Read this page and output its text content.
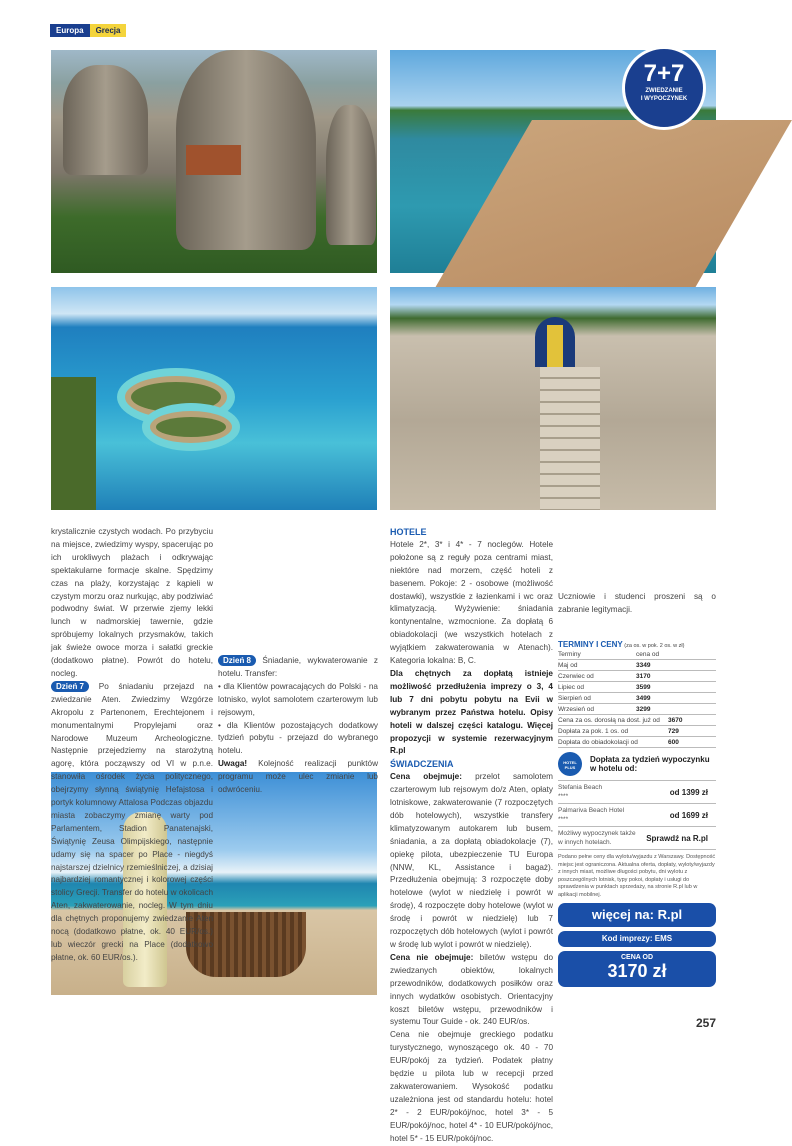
Europa	Grecja
7+7
ZWIEDZANIE
I WYPOCZYNEK

krystalicznie czystych wodach. Po przybyciu na miejsce, zwiedzimy wyspy, spacerując po ich urokliwych plażach i odkrywając spektakularne formacje skalne. Spędzimy czas na plaży, korzystając z kąpieli w czystym morzu oraz nurkując, aby podziwiać podwodny świat. W przerwie zjemy lekki lunch w nadmorskiej tawernie, gdzie spróbujemy lokalnych przysmaków, takich jak świeże owoce morza i sałatki greckie (dodatkowo płatne). Powrót do hotelu, nocleg.

Dzień 7 Po śniadaniu przejazd na zwiedzanie Aten. Zwiedzimy Wzgórze Akropolu z Partenonem, Erechtejonem i monumentalnymi Propylejami oraz Narodowe Muzeum Archeologiczne. Następnie przejedziemy na starożytną agorę, która począwszy od VI w p.n.e. stanowiła ośrodek życia politycznego, obejrzymy słynną świątynię Hefajstosa i portyk kolumnowy Attalosa Podczas objazdu miasta zobaczymy zmianę warty pod Parlamentem, Stadion Panatenajski, Świątynię Zeusa Olimpijskiego, następnie udamy się na spacer po Place - niegdyś najstarszej dzielnicy rzemieślniczej, a dzisiaj najbardziej romantycznej i kolorowej części stolicy Grecji. Transfer do hotelu w okolicach Aten, zakwaterowanie, nocleg. W tym dniu dla chętnych proponujemy zwiedzanie Aten nocą (dodatkowo płatne, ok. 40 EUR/os.) lub wieczór grecki na Place (dodatkowo płatne, ok. 60 EUR/os.).

Dzień 8 Śniadanie, wykwaterowanie z hotelu. Transfer:

• dla Klientów powracających do Polski - na lotnisko, wylot samolotem czarterowym lub rejsowym,

• dla Klientów pozostających dodatkowy tydzień pobytu - przejazd do wybranego hotelu.

Uwaga! Kolejność realizacji punktów programu może ulec zmianie lub odwróceniu.

HOTELE

Hotele 2*, 3* i 4* - 7 noclegów. Hotele położone są z reguły poza centrami miast, niektóre nad morzem, część hoteli z basenem. Pokoje: 2 - osobowe (możliwość dostawki), wszystkie z łazienkami i wc oraz klimatyzacją. Wyżywienie: śniadania kontynentalne, wzmocnione. Za dopłatą 6 obiadokolacji (we wszystkich hotelach z wyjątkiem zakwaterowania w Atenach). Kategoria lokalna: B, C.

Dla chętnych za dopłatą istnieje możliwość przedłużenia imprezy o 3, 4 lub 7 dni pobytu pobytu na Evii w wybranym przez Państwa hotelu. Opisy hoteli w dalszej części katalogu. Więcej propozycji w systemie rezerwacyjnym R.pl

ŚWIADCZENIA

Cena obejmuje: przelot samolotem czarterowym lub rejsowym do/z Aten, opłaty lotniskowe, zakwaterowanie (7 rozpoczętych dób hotelowych), wszystkie transfery klimatyzowanym autokarem lub busem, śniadania, a za dopłatą obiadokolacje (7), opiekę pilota, ubezpieczenie TU Europa (NNW, KL, Assistance i bagaż). Przedłużenia obejmują: 3 rozpoczęte doby hotelowe (wylot w niedzielę i powrót w środę), 4 rozpoczęte doby hotelowe (wylot w środę i powrót w niedzielę) lub 7 rozpoczętych dób hotelowych (wylot i powrót w środę lub wylot i powrót w niedzielę).

Cena nie obejmuje: biletów wstępu do zwiedzanych obiektów, lokalnych przewodników, dodatkowych posiłków oraz innych wydatków osobistych. Orientacyjny koszt biletów wstępu, przewodników i systemu Tour Guide - ok. 240 EUR/os.

Cena nie obejmuje greckiego podatku turystycznego, wynoszącego ok. 40 - 70 EUR/pokój za tydzień. Podatek płatny będzie u pilota lub w recepcji przed zakwaterowaniem. Wysokość podatku uzależniona jest od standardu hotelu: hotel 2* - 2 EUR/pokój/noc, hotel 3* - 5 EUR/pokój/noc, hotel 4* - 10 EUR/pokój/noc, hotel 5* - 15 EUR/pokój/noc.

Uczniowie i studenci proszeni są o zabranie legitymacji.

TERMINY I CENY (za os. w pok. 2 os. w zł)
Terminy	cena od
Maj od	3349
Czerwiec od	3170
Lipiec od	3599
Sierpień od	3499
Wrzesień od	3299
Cena za os. dorosłą na dost. już od	3670
Dopłata za pok. 1 os. od	729
Dopłata do obiadokolacji od	600
HOTEL PLUS
Dopłata za tydzień wypoczynku w hotelu od:
Stefania Beach
****	od 1399 zł
Palmariva Beach Hotel
****	od 1699 zł
Możliwy wypoczynek także w innych hotelach.	Sprawdź na R.pl
Podano pełne ceny dla wylotu/wyjazdu z Warszawy. Dostępność miejsc jest ograniczona. Aktualna oferta, dopłaty, wyloty/wyjazdy z innych miast, możliwe długości pobytu, dni wylotu z poszczególnych lotnisk, typy pokoi, dopłaty i usługi do sprawdzenia w punktach sprzedaży, na stronie R.pl lub w aplikacji mobilnej.
więcej na: R.pl
Kod imprezy: EMS
CENA OD
3170 zł
257
